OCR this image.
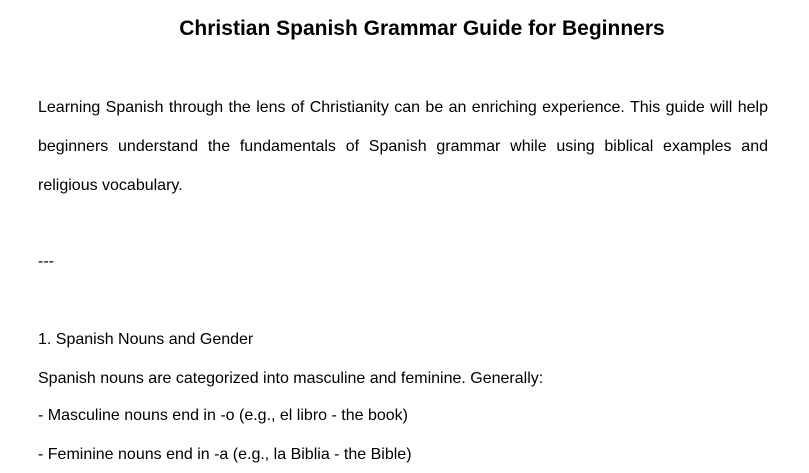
Christian Spanish Grammar Guide for Beginners

Learning Spanish through the lens of Christianity can be an enriching experience. This guide will help beginners understand the fundamentals of Spanish grammar while using biblical examples and religious vocabulary.

---

1. Spanish Nouns and Gender

Spanish nouns are categorized into masculine and feminine. Generally:

- Masculine nouns end in -o (e.g., el libro - the book)

- Feminine nouns end in -a (e.g., la Biblia - the Bible)
